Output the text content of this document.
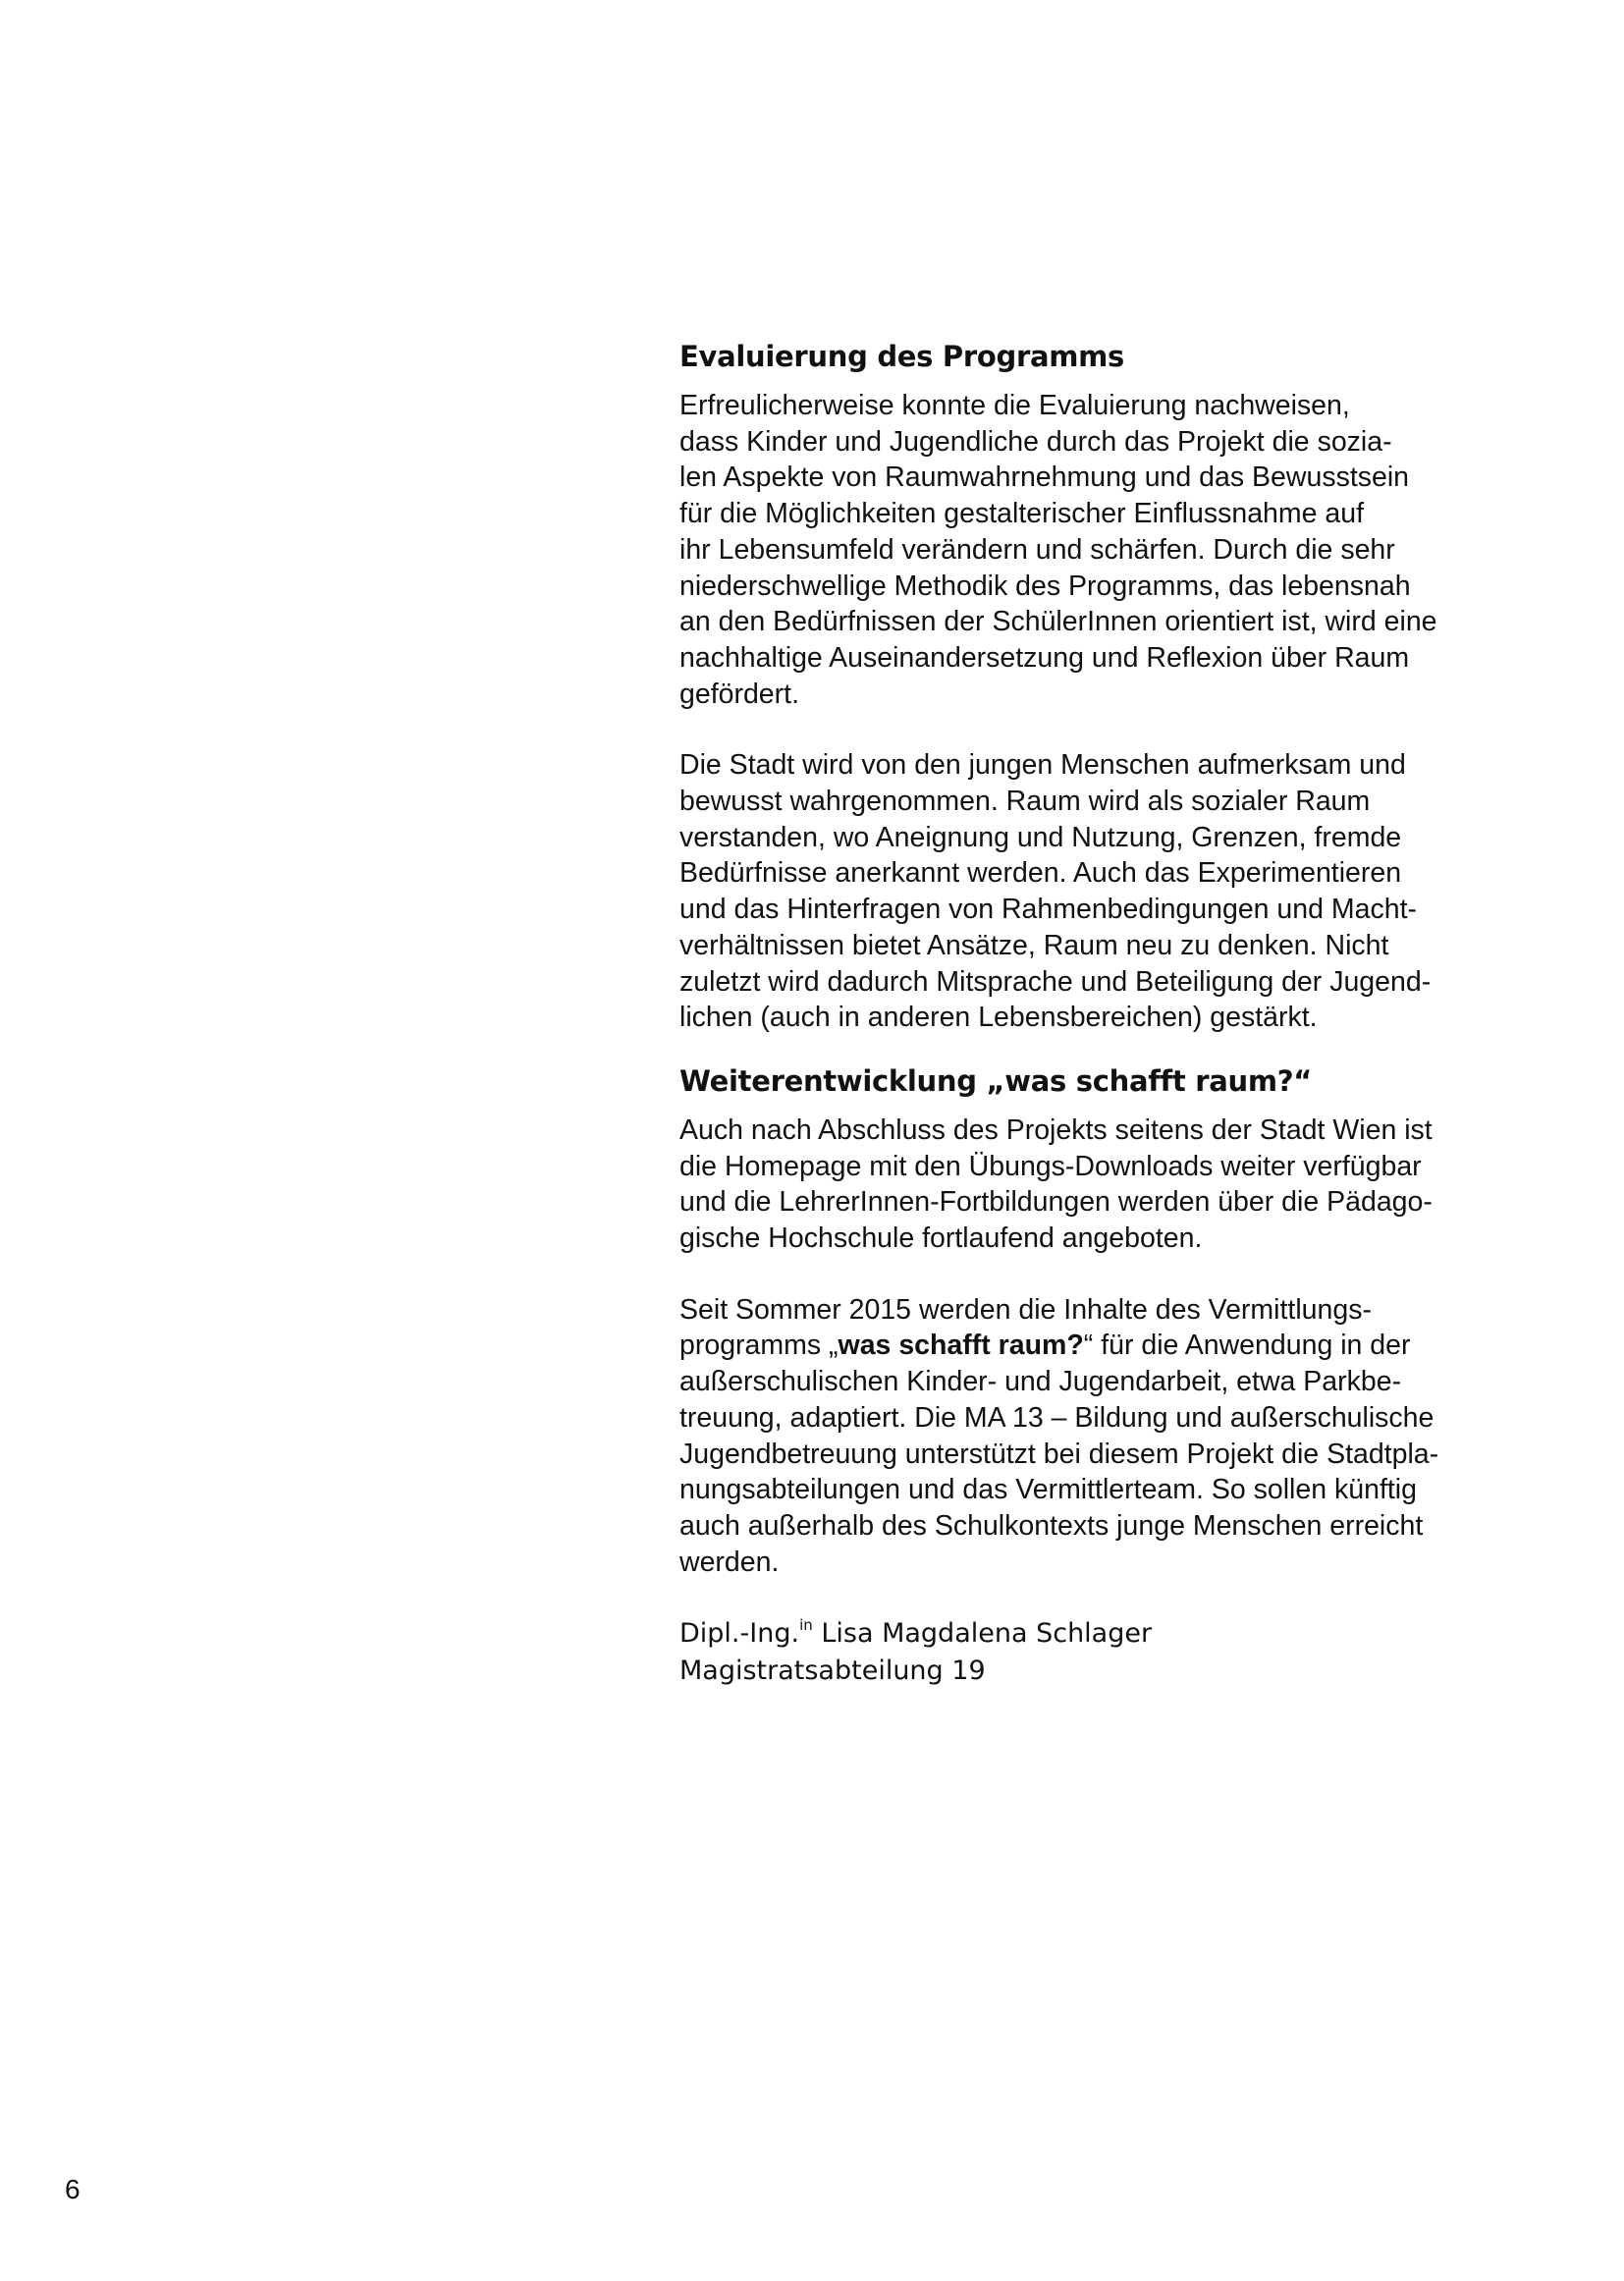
Evaluierung des Programms

Erfreulicherweise konnte die Evaluierung nachweisen,

dass Kinder und Jugendliche durch das Projekt die sozia-

len Aspekte von Raumwahrnehmung und das Bewusstsein

für die Möglichkeiten gestalterischer Einflussnahme auf

ihr Lebensumfeld verändern und schärfen. Durch die sehr

niederschwellige Methodik des Programms, das lebensnah

an den Bedürfnissen der SchülerInnen orientiert ist, wird eine

nachhaltige Auseinandersetzung und Reflexion über Raum

gefördert.

Die Stadt wird von den jungen Menschen aufmerksam und

bewusst wahrgenommen. Raum wird als sozialer Raum

verstanden, wo Aneignung und Nutzung, Grenzen, fremde

Bedürfnisse anerkannt werden. Auch das Experimentieren

und das Hinterfragen von Rahmenbedingungen und Macht-

verhältnissen bietet Ansätze, Raum neu zu denken. Nicht

zuletzt wird dadurch Mitsprache und Beteiligung der Jugend-

lichen (auch in anderen Lebensbereichen) gestärkt.

Weiterentwicklung „was schafft raum?“

Auch nach Abschluss des Projekts seitens der Stadt Wien ist

die Homepage mit den Übungs-Downloads weiter verfügbar

und die LehrerInnen-Fortbildungen werden über die Pädago-

gische Hochschule fortlaufend angeboten.

Seit Sommer 2015 werden die Inhalte des Vermittlungs-

programms „was schafft raum?“ für die Anwendung in der

außerschulischen Kinder- und Jugendarbeit, etwa Parkbe-

treuung, adaptiert. Die MA 13 – Bildung und außerschulische

Jugendbetreuung unterstützt bei diesem Projekt die Stadtpla-

nungsabteilungen und das Vermittlerteam. So sollen künftig

auch außerhalb des Schulkontexts junge Menschen erreicht

werden.

Dipl.-Ing.$^{in}$ Lisa Magdalena Schlager
Magistratsabteilung 19
6
